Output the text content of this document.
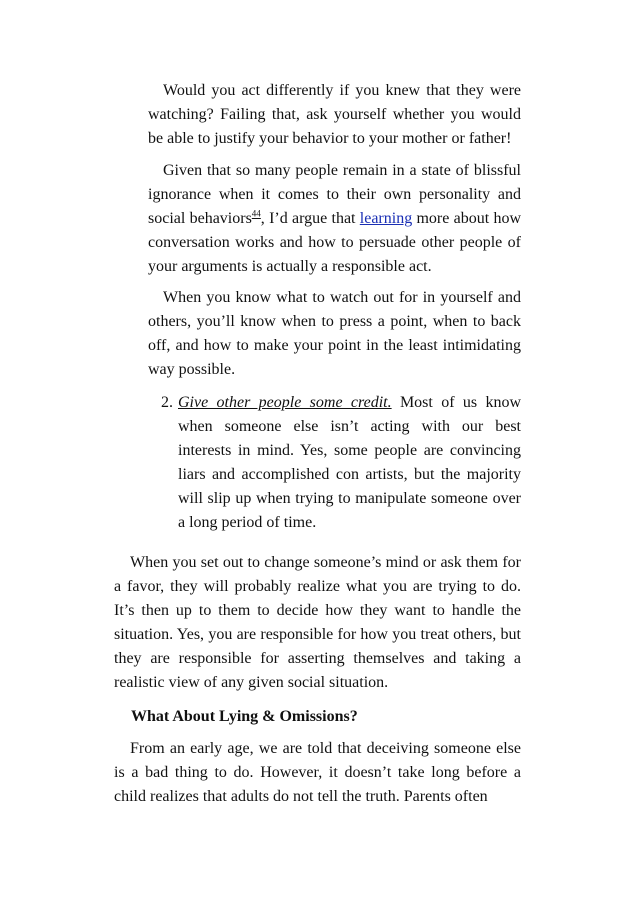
Would you act differently if you knew that they were watching? Failing that, ask yourself whether you would be able to justify your behavior to your mother or father!

Given that so many people remain in a state of blissful ignorance when it comes to their own personality and social behaviors$^{44}$, I’d argue that learning more about how conversation works and how to persuade other people of your arguments is actually a responsible act.

When you know what to watch out for in yourself and others, you’ll know when to press a point, when to back off, and how to make your point in the least intimidating way possible.

2. Give other people some credit. Most of us know when someone else isn’t acting with our best interests in mind. Yes, some people are convincing liars and accomplished con artists, but the majority will slip up when trying to manipulate someone over a long period of time.

When you set out to change someone’s mind or ask them for a favor, they will probably realize what you are trying to do. It’s then up to them to decide how they want to handle the situation. Yes, you are responsible for how you treat others, but they are responsible for asserting themselves and taking a realistic view of any given social situation.

What About Lying & Omissions?

From an early age, we are told that deceiving someone else is a bad thing to do. However, it doesn’t take long before a child realizes that adults do not tell the truth. Parents often
